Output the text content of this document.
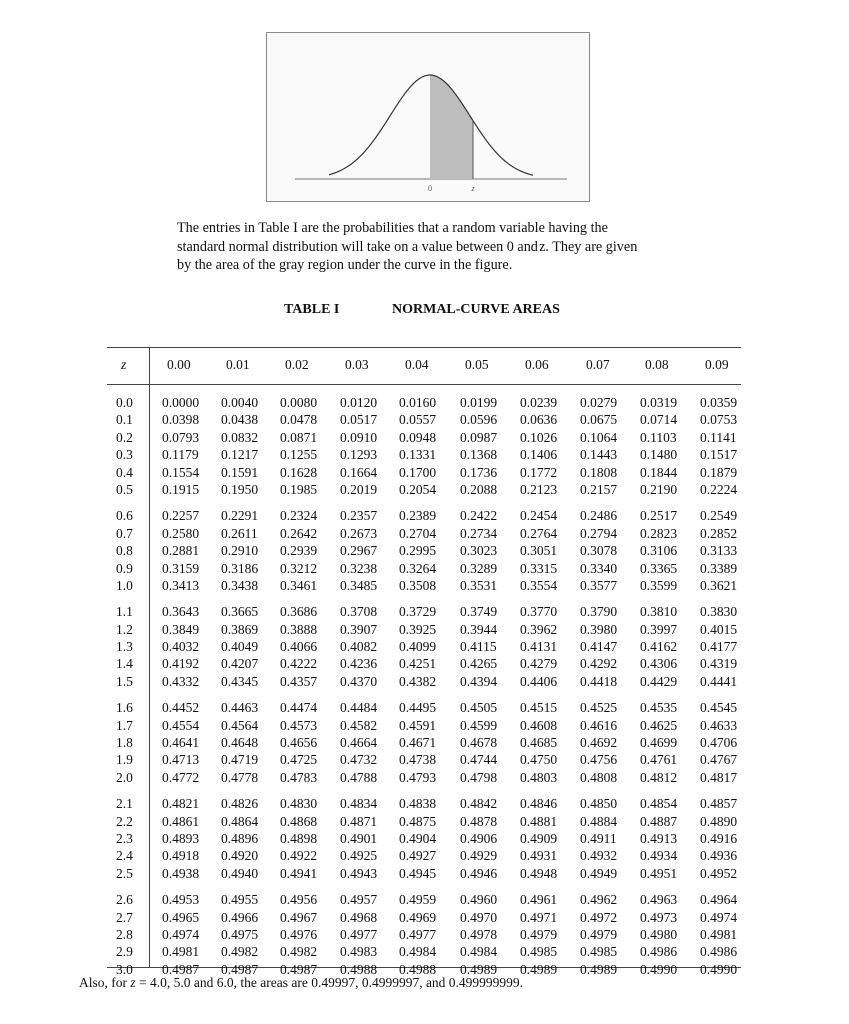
0	z

The entries in Table I are the probabilities that a random variable having the

standard normal distribution will take on a value between 0 and z. They are given

by the area of the gray region under the curve in the figure.

TABLE I	NORMAL-CURVE AREAS
z	0.00	0.01	0.02	0.03	0.04	0.05	0.06	0.07	0.08	0.09
0.0 0.0000 0.0040 0.0080 0.0120 0.0160 0.0199 0.0239 0.0279 0.0319 0.0359
0.1 0.0398 0.0438 0.0478 0.0517 0.0557 0.0596 0.0636 0.0675 0.0714 0.0753
0.2 0.0793 0.0832 0.0871 0.0910 0.0948 0.0987 0.1026 0.1064 0.1103 0.1141
0.3 0.1179 0.1217 0.1255 0.1293 0.1331 0.1368 0.1406 0.1443 0.1480 0.1517
0.4 0.1554 0.1591 0.1628 0.1664 0.1700 0.1736 0.1772 0.1808 0.1844 0.1879
0.5 0.1915 0.1950 0.1985 0.2019 0.2054 0.2088 0.2123 0.2157 0.2190 0.2224
0.6 0.2257 0.2291 0.2324 0.2357 0.2389 0.2422 0.2454 0.2486 0.2517 0.2549
0.7 0.2580 0.2611 0.2642 0.2673 0.2704 0.2734 0.2764 0.2794 0.2823 0.2852
0.8 0.2881 0.2910 0.2939 0.2967 0.2995 0.3023 0.3051 0.3078 0.3106 0.3133
0.9 0.3159 0.3186 0.3212 0.3238 0.3264 0.3289 0.3315 0.3340 0.3365 0.3389
1.0 0.3413 0.3438 0.3461 0.3485 0.3508 0.3531 0.3554 0.3577 0.3599 0.3621
1.1 0.3643 0.3665 0.3686 0.3708 0.3729 0.3749 0.3770 0.3790 0.3810 0.3830
1.2 0.3849 0.3869 0.3888 0.3907 0.3925 0.3944 0.3962 0.3980 0.3997 0.4015
1.3 0.4032 0.4049 0.4066 0.4082 0.4099 0.4115 0.4131 0.4147 0.4162 0.4177
1.4 0.4192 0.4207 0.4222 0.4236 0.4251 0.4265 0.4279 0.4292 0.4306 0.4319
1.5 0.4332 0.4345 0.4357 0.4370 0.4382 0.4394 0.4406 0.4418 0.4429 0.4441
1.6 0.4452 0.4463 0.4474 0.4484 0.4495 0.4505 0.4515 0.4525 0.4535 0.4545
1.7 0.4554 0.4564 0.4573 0.4582 0.4591 0.4599 0.4608 0.4616 0.4625 0.4633
1.8 0.4641 0.4648 0.4656 0.4664 0.4671 0.4678 0.4685 0.4692 0.4699 0.4706
1.9 0.4713 0.4719 0.4725 0.4732 0.4738 0.4744 0.4750 0.4756 0.4761 0.4767
2.0 0.4772 0.4778 0.4783 0.4788 0.4793 0.4798 0.4803 0.4808 0.4812 0.4817
2.1 0.4821 0.4826 0.4830 0.4834 0.4838 0.4842 0.4846 0.4850 0.4854 0.4857
2.2 0.4861 0.4864 0.4868 0.4871 0.4875 0.4878 0.4881 0.4884 0.4887 0.4890
2.3 0.4893 0.4896 0.4898 0.4901 0.4904 0.4906 0.4909 0.4911 0.4913 0.4916
2.4 0.4918 0.4920 0.4922 0.4925 0.4927 0.4929 0.4931 0.4932 0.4934 0.4936
2.5 0.4938 0.4940 0.4941 0.4943 0.4945 0.4946 0.4948 0.4949 0.4951 0.4952
2.6 0.4953 0.4955 0.4956 0.4957 0.4959 0.4960 0.4961 0.4962 0.4963 0.4964
2.7 0.4965 0.4966 0.4967 0.4968 0.4969 0.4970 0.4971 0.4972 0.4973 0.4974
2.8 0.4974 0.4975 0.4976 0.4977 0.4977 0.4978 0.4979 0.4979 0.4980 0.4981
2.9 0.4981 0.4982 0.4982 0.4983 0.4984 0.4984 0.4985 0.4985 0.4986 0.4986
3.0 0.4987 0.4987 0.4987 0.4988 0.4988 0.4989 0.4989 0.4989 0.4990 0.4990
Also, for z = 4.0, 5.0 and 6.0, the areas are 0.49997, 0.4999997, and 0.499999999.
